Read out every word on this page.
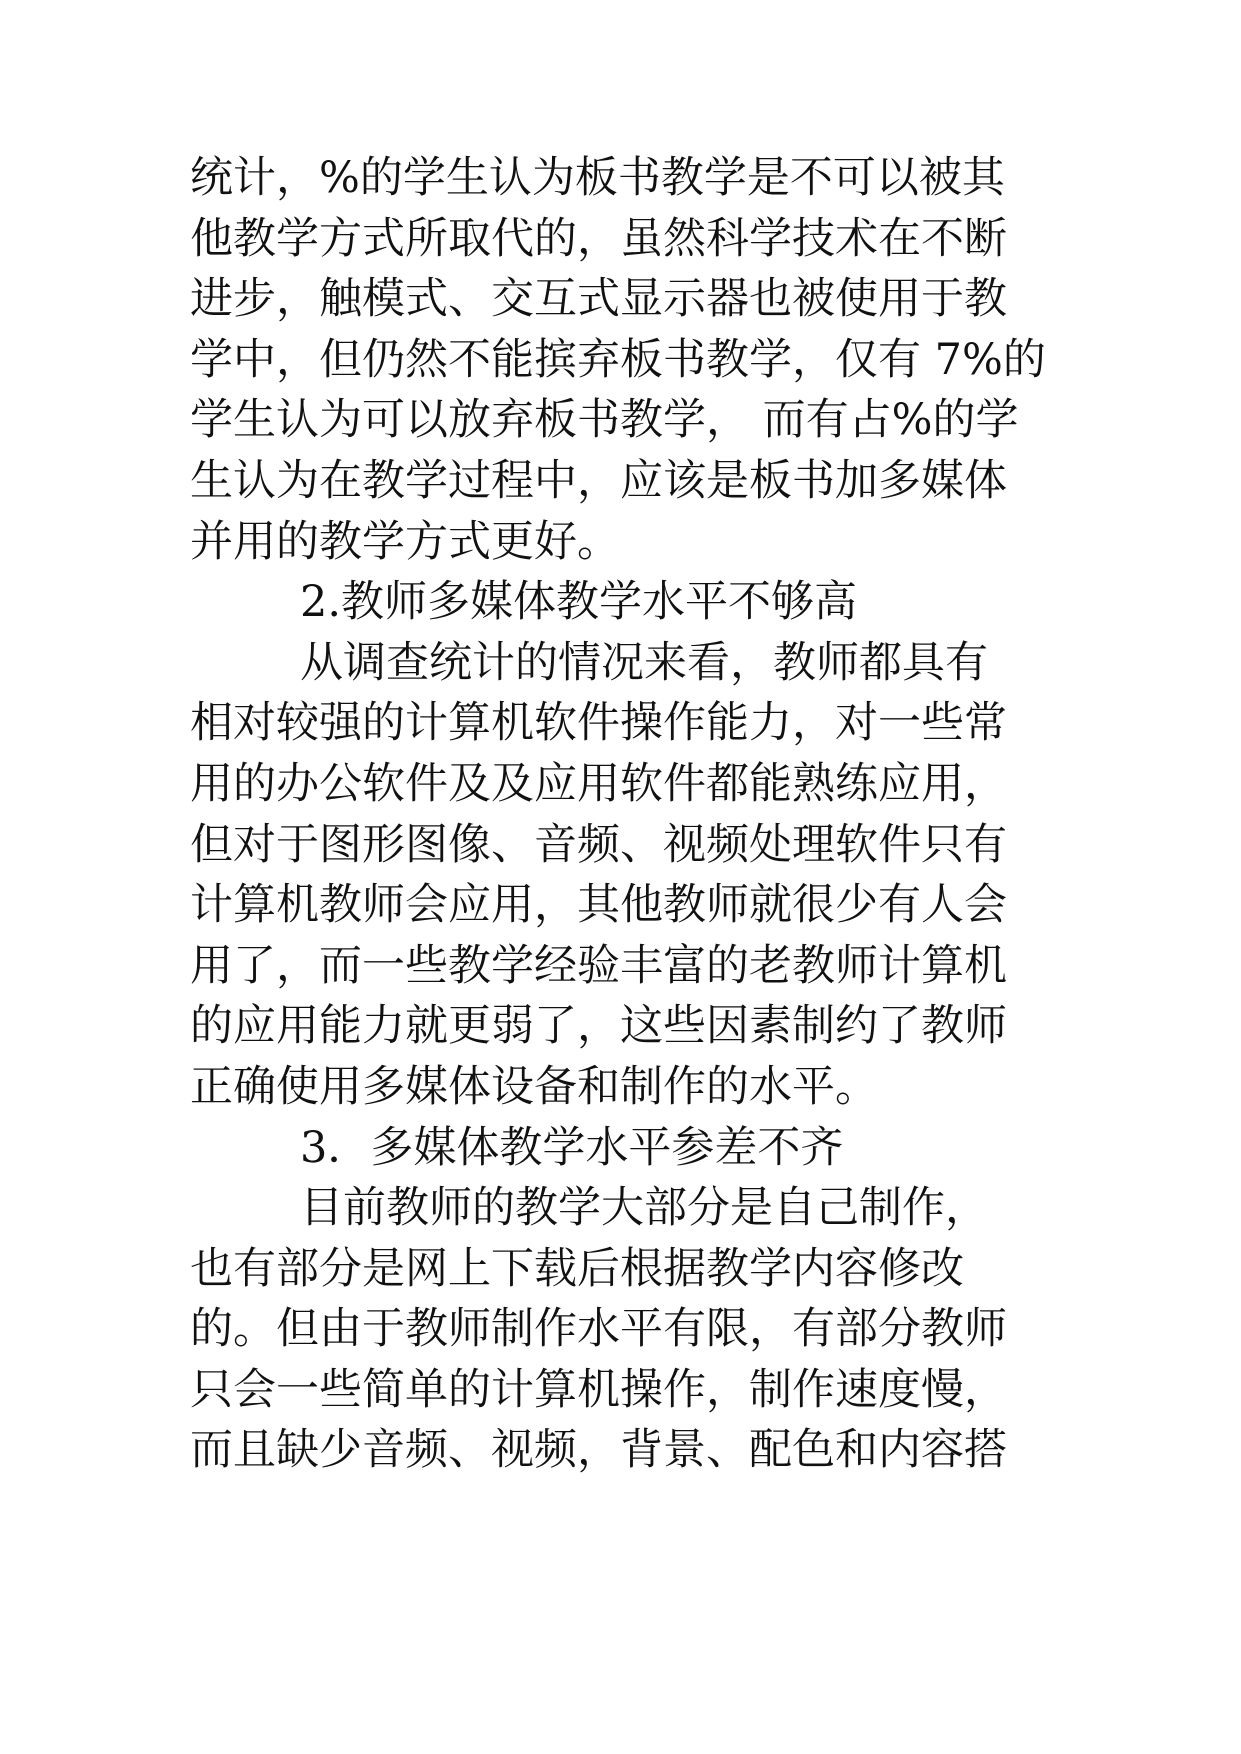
统计，%的学生认为板书教学是不可以被其
他教学方式所取代的，虽然科学技术在不断
进步，触模式、交互式显示器也被使用于教
学中，但仍然不能摈弃板书教学，仅有 7%的
学生认为可以放弃板书教学， 而有占%的学
生认为在教学过程中，应该是板书加多媒体
并用的教学方式更好。
2.教师多媒体教学水平不够高
从调查统计的情况来看，教师都具有
相对较强的计算机软件操作能力，对一些常
用的办公软件及及应用软件都能熟练应用，
但对于图形图像、音频、视频处理软件只有
计算机教师会应用，其他教师就很少有人会
用了，而一些教学经验丰富的老教师计算机
的应用能力就更弱了，这些因素制约了教师
正确使用多媒体设备和制作的水平。
3．多媒体教学水平参差不齐
目前教师的教学大部分是自己制作，
也有部分是网上下载后根据教学内容修改
的。但由于教师制作水平有限，有部分教师
只会一些简单的计算机操作，制作速度慢，
而且缺少音频、视频，背景、配色和内容搭
